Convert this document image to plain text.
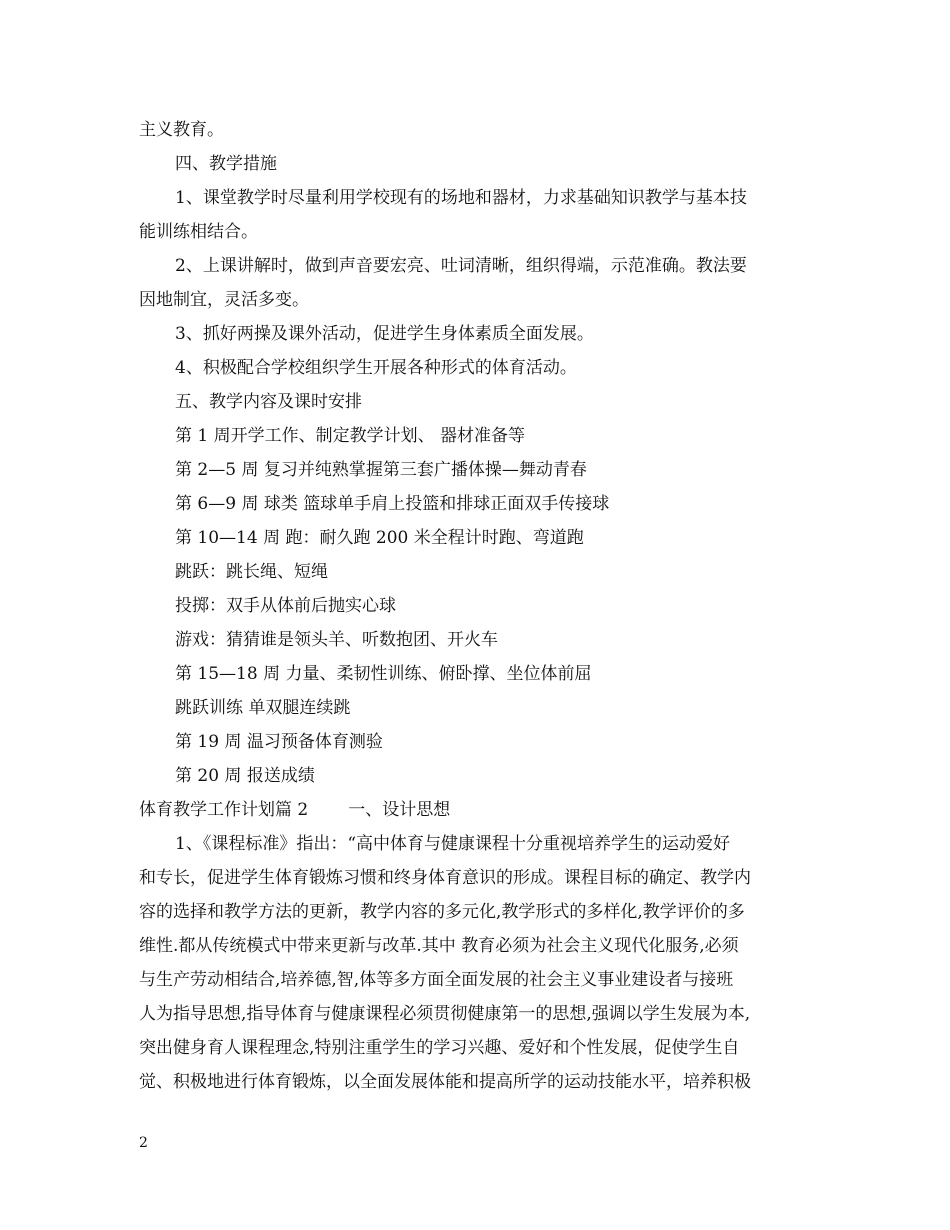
主义教育。
四、教学措施
1、课堂教学时尽量利用学校现有的场地和器材，力求基础知识教学与基本技
能训练相结合。
2、上课讲解时，做到声音要宏亮、吐词清晰，组织得端，示范准确。教法要
因地制宜，灵活多变。
3、抓好两操及课外活动，促进学生身体素质全面发展。
4、积极配合学校组织学生开展各种形式的体育活动。
五、教学内容及课时安排
第 1 周开学工作、制定教学计划、 器材准备等
第 2—5 周 复习并纯熟掌握第三套广播体操—舞动青春
第 6—9 周 球类 篮球单手肩上投篮和排球正面双手传接球
第 10—14 周 跑：耐久跑 200 米全程计时跑、弯道跑
跳跃：跳长绳、短绳
投掷：双手从体前后抛实心球
游戏：猜猜谁是领头羊、听数抱团、开火车
第 15—18 周 力量、柔韧性训练、俯卧撑、坐位体前屈
跳跃训练 单双腿连续跳
第 19 周 温习预备体育测验
第 20 周 报送成绩
体育教学工作计划篇 2 一、设计思想
1、《课程标准》指出：“高中体育与健康课程十分重视培养学生的运动爱好
和专长，促进学生体育锻炼习惯和终身体育意识的形成。课程目标的确定、教学内
容的选择和教学方法的更新，教学内容的多元化,教学形式的多样化,教学评价的多
维性.都从传统模式中带来更新与改革.其中 教育必须为社会主义现代化服务,必须
与生产劳动相结合,培养德,智,体等多方面全面发展的社会主义事业建设者与接班
人为指导思想,指导体育与健康课程必须贯彻健康第一的思想,强调以学生发展为本,
突出健身育人课程理念,特别注重学生的学习兴趣、爱好和个性发展，促使学生自
觉、积极地进行体育锻炼，以全面发展体能和提高所学的运动技能水平，培养积极
2
